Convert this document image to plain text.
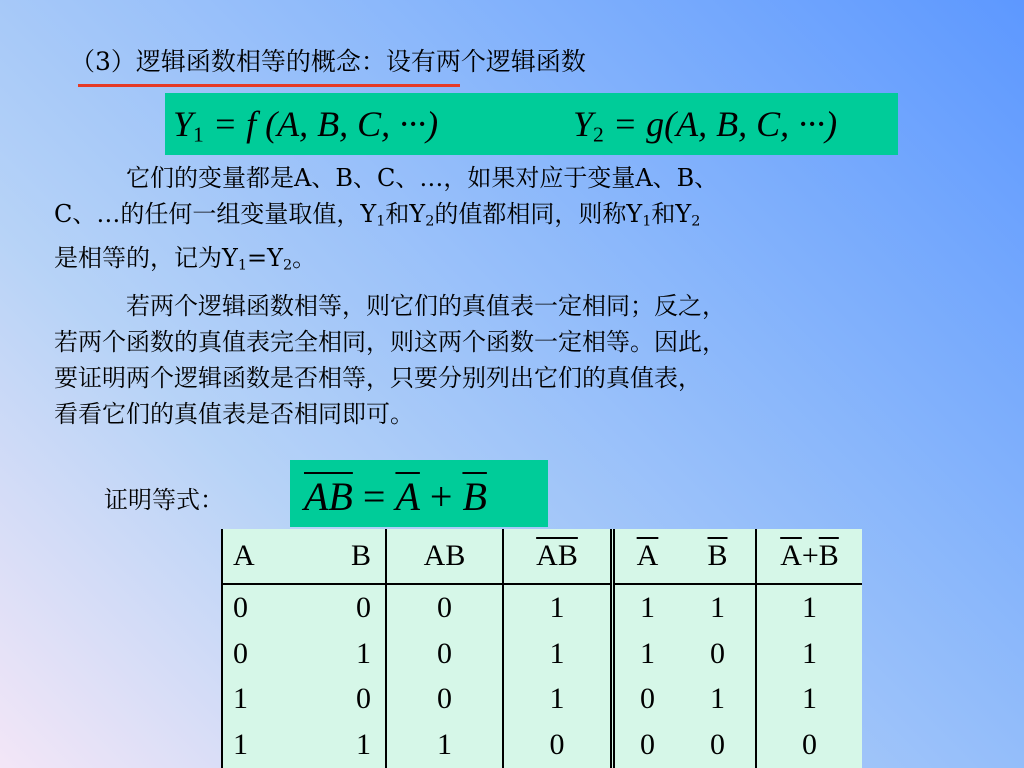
（3）逻辑函数相等的概念：设有两个逻辑函数
$Y_1 = f$ (A, B, C, ···)	$Y_2 = g(A$, B, C, ···)
它们的变量都是A、B、C、…，如果对应于变量A、B、
C、…的任何一组变量取值，$Y_1$和$Y_2$的值都相同，则称$Y_1$和$Y_2$
是相等的，记为$Y_1=Y_2$。
若两个逻辑函数相等，则它们的真值表一定相同；反之，
若两个函数的真值表完全相同，则这两个函数一定相等。因此，
要证明两个逻辑函数是否相等，只要分别列出它们的真值表，
看看它们的真值表是否相同即可。
证明等式： $\overline{AB} = \overline{A} + \overline{B}$
A	B	AB	$\overline{AB}$	$\overline{A}$	$\overline{B}$	$\overline{A}+\overline{B}$
0	0	0	1	1	1	1
0	1	0	1	1	0	1
1	0	0	1	0	1	1
1	1	1	0	0	0	0
